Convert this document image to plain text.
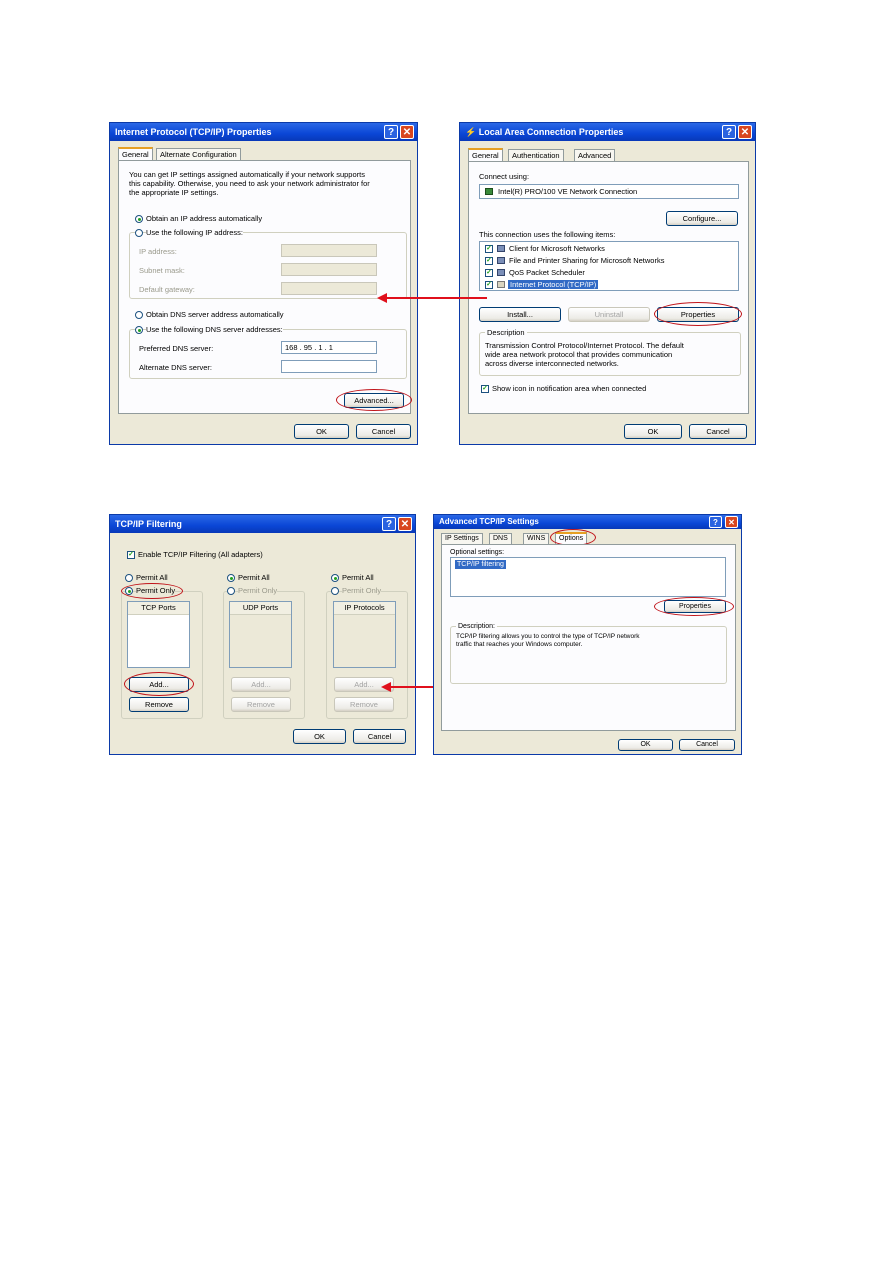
Internet Protocol (TCP/IP) Properties	? ✕
General	Alternate Configuration
You can get IP settings assigned automatically if your network supports
this capability. Otherwise, you need to ask your network administrator for
the appropriate IP settings.
Obtain an IP address automatically
Use the following IP address:
IP address:
Subnet mask:
Default gateway:
Obtain DNS server address automatically
Use the following DNS server addresses:
Preferred DNS server:	168 . 95 . 1 . 1
Alternate DNS server:
Advanced...
OK	Cancel
⚡ Local Area Connection Properties	? ✕
General	Authentication	Advanced
Connect using:
Intel(R) PRO/100 VE Network Connection
Configure...
This connection uses the following items:
✓ Client for Microsoft Networks
✓ File and Printer Sharing for Microsoft Networks
✓ QoS Packet Scheduler
✓ Internet Protocol (TCP/IP)
Install...	Uninstall	Properties
Description
Transmission Control Protocol/Internet Protocol. The default
wide area network protocol that provides communication
across diverse interconnected networks.
✓ Show icon in notification area when connected
OK	Cancel
TCP/IP Filtering	? ✕
✓ Enable TCP/IP Filtering (All adapters)
Permit All
Permit Only
TCP Ports
Add...
Remove
Permit All
Permit Only
UDP Ports
Add...
Remove
Permit All
Permit Only
IP Protocols
Add...
Remove
OK	Cancel
Advanced TCP/IP Settings	?	✕
IP Settings	DNS	WINS	Options
Optional settings:
TCP/IP filtering
Properties
Description:
TCP/IP filtering allows you to control the type of TCP/IP network
traffic that reaches your Windows computer.
OK	Cancel
